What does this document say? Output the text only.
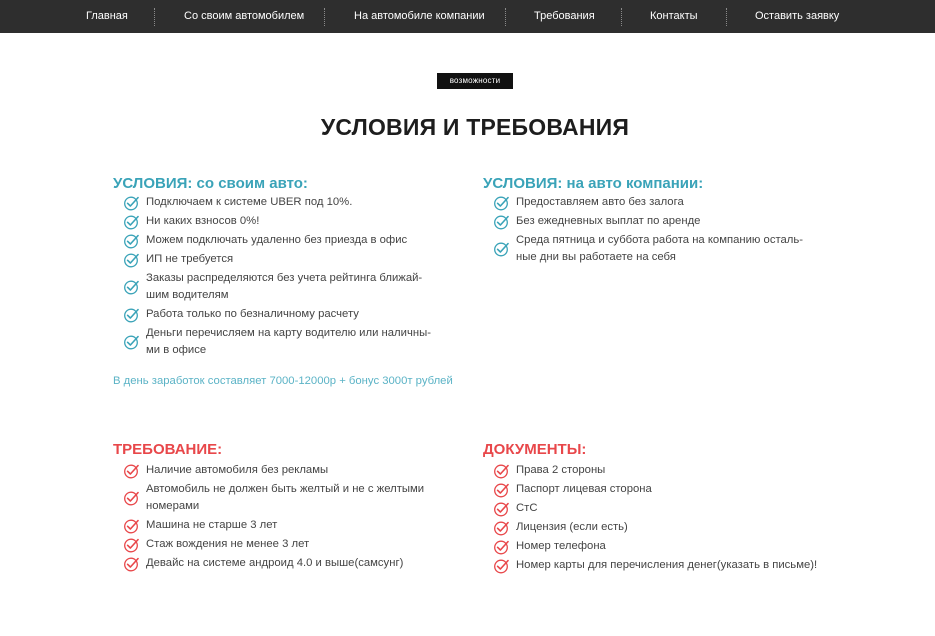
Главная	Со своим автомобилем	На автомобиле компании	Требования	Контакты	Оставить заявку
возможности
УСЛОВИЯ И ТРЕБОВАНИЯ
УСЛОВИЯ: со своим авто:
Подключаем к системе UBER под 10%.
Ни каких взносов 0%!
Можем подключать удаленно без приезда в офис
ИП не требуется
Заказы распределяются без учета рейтинга ближай-
шим водителям
Работа только по безналичному расчету
Деньги перечисляем на карту водителю или наличны-
ми в офисе
В день заработок составляет 7000-12000р + бонус 3000т рублей
УСЛОВИЯ: на авто компании:
Предоставляем авто без залога
Без ежедневных выплат по аренде
Среда пятница и суббота работа на компанию осталь-
ные дни вы работаете на себя
ТРЕБОВАНИЕ:
Наличие автомобиля без рекламы
Автомобиль не должен быть желтый и не с желтыми
номерами
Машина не старше 3 лет
Стаж вождения не менее 3 лет
Девайс на системе андроид 4.0 и выше(самсунг)
ДОКУМЕНТЫ:
Права 2 стороны
Паспорт лицевая сторона
СтС
Лицензия (если есть)
Номер телефона
Номер карты для перечисления денег(указать в письме)!
